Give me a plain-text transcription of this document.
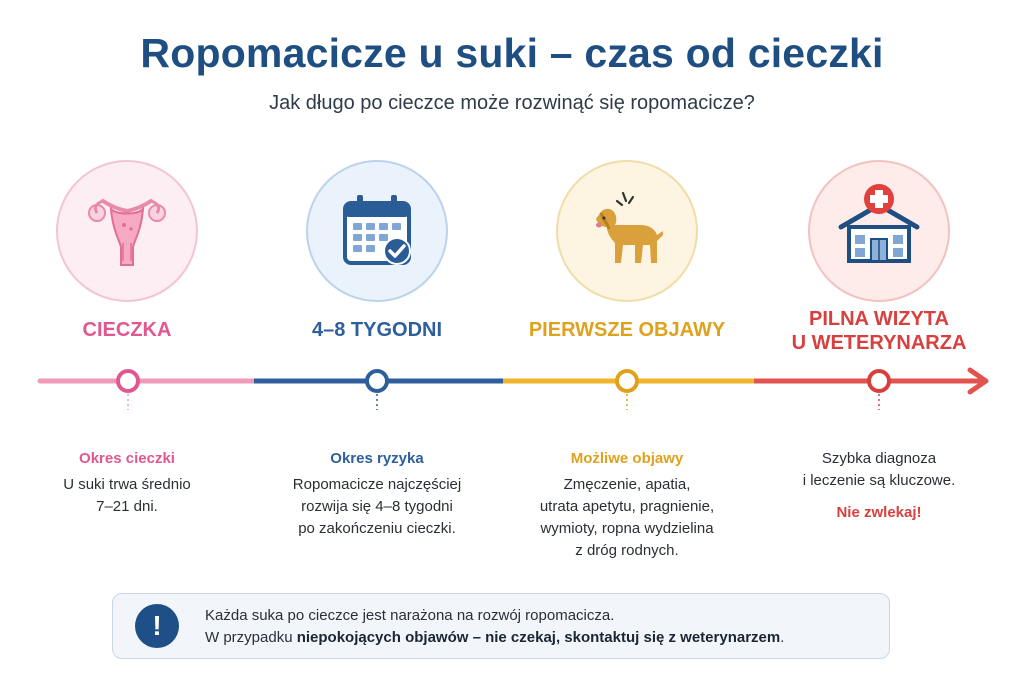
Ropomacicze u suki – czas od cieczki
Jak długo po cieczce może rozwinąć się ropomacicze?
CIECZKA	4–8 TYGODNI	PIERWSZE OBJAWY	PILNA WIZYTA
U WETERYNARZA
Okres cieczki
U suki trwa średnio
7–21 dni.
Okres ryzyka
Ropomacicze najczęściej
rozwija się 4–8 tygodni
po zakończeniu cieczki.
Możliwe objawy
Zmęczenie, apatia,
utrata apetytu, pragnienie,
wymioty, ropna wydzielina
z dróg rodnych.
Szybka diagnoza
i leczenie są kluczowe.
Nie zwlekaj!
!	Każda suka po cieczce jest narażona na rozwój ropomacicza.
W przypadku niepokojących objawów – nie czekaj, skontaktuj się z weterynarzem.
